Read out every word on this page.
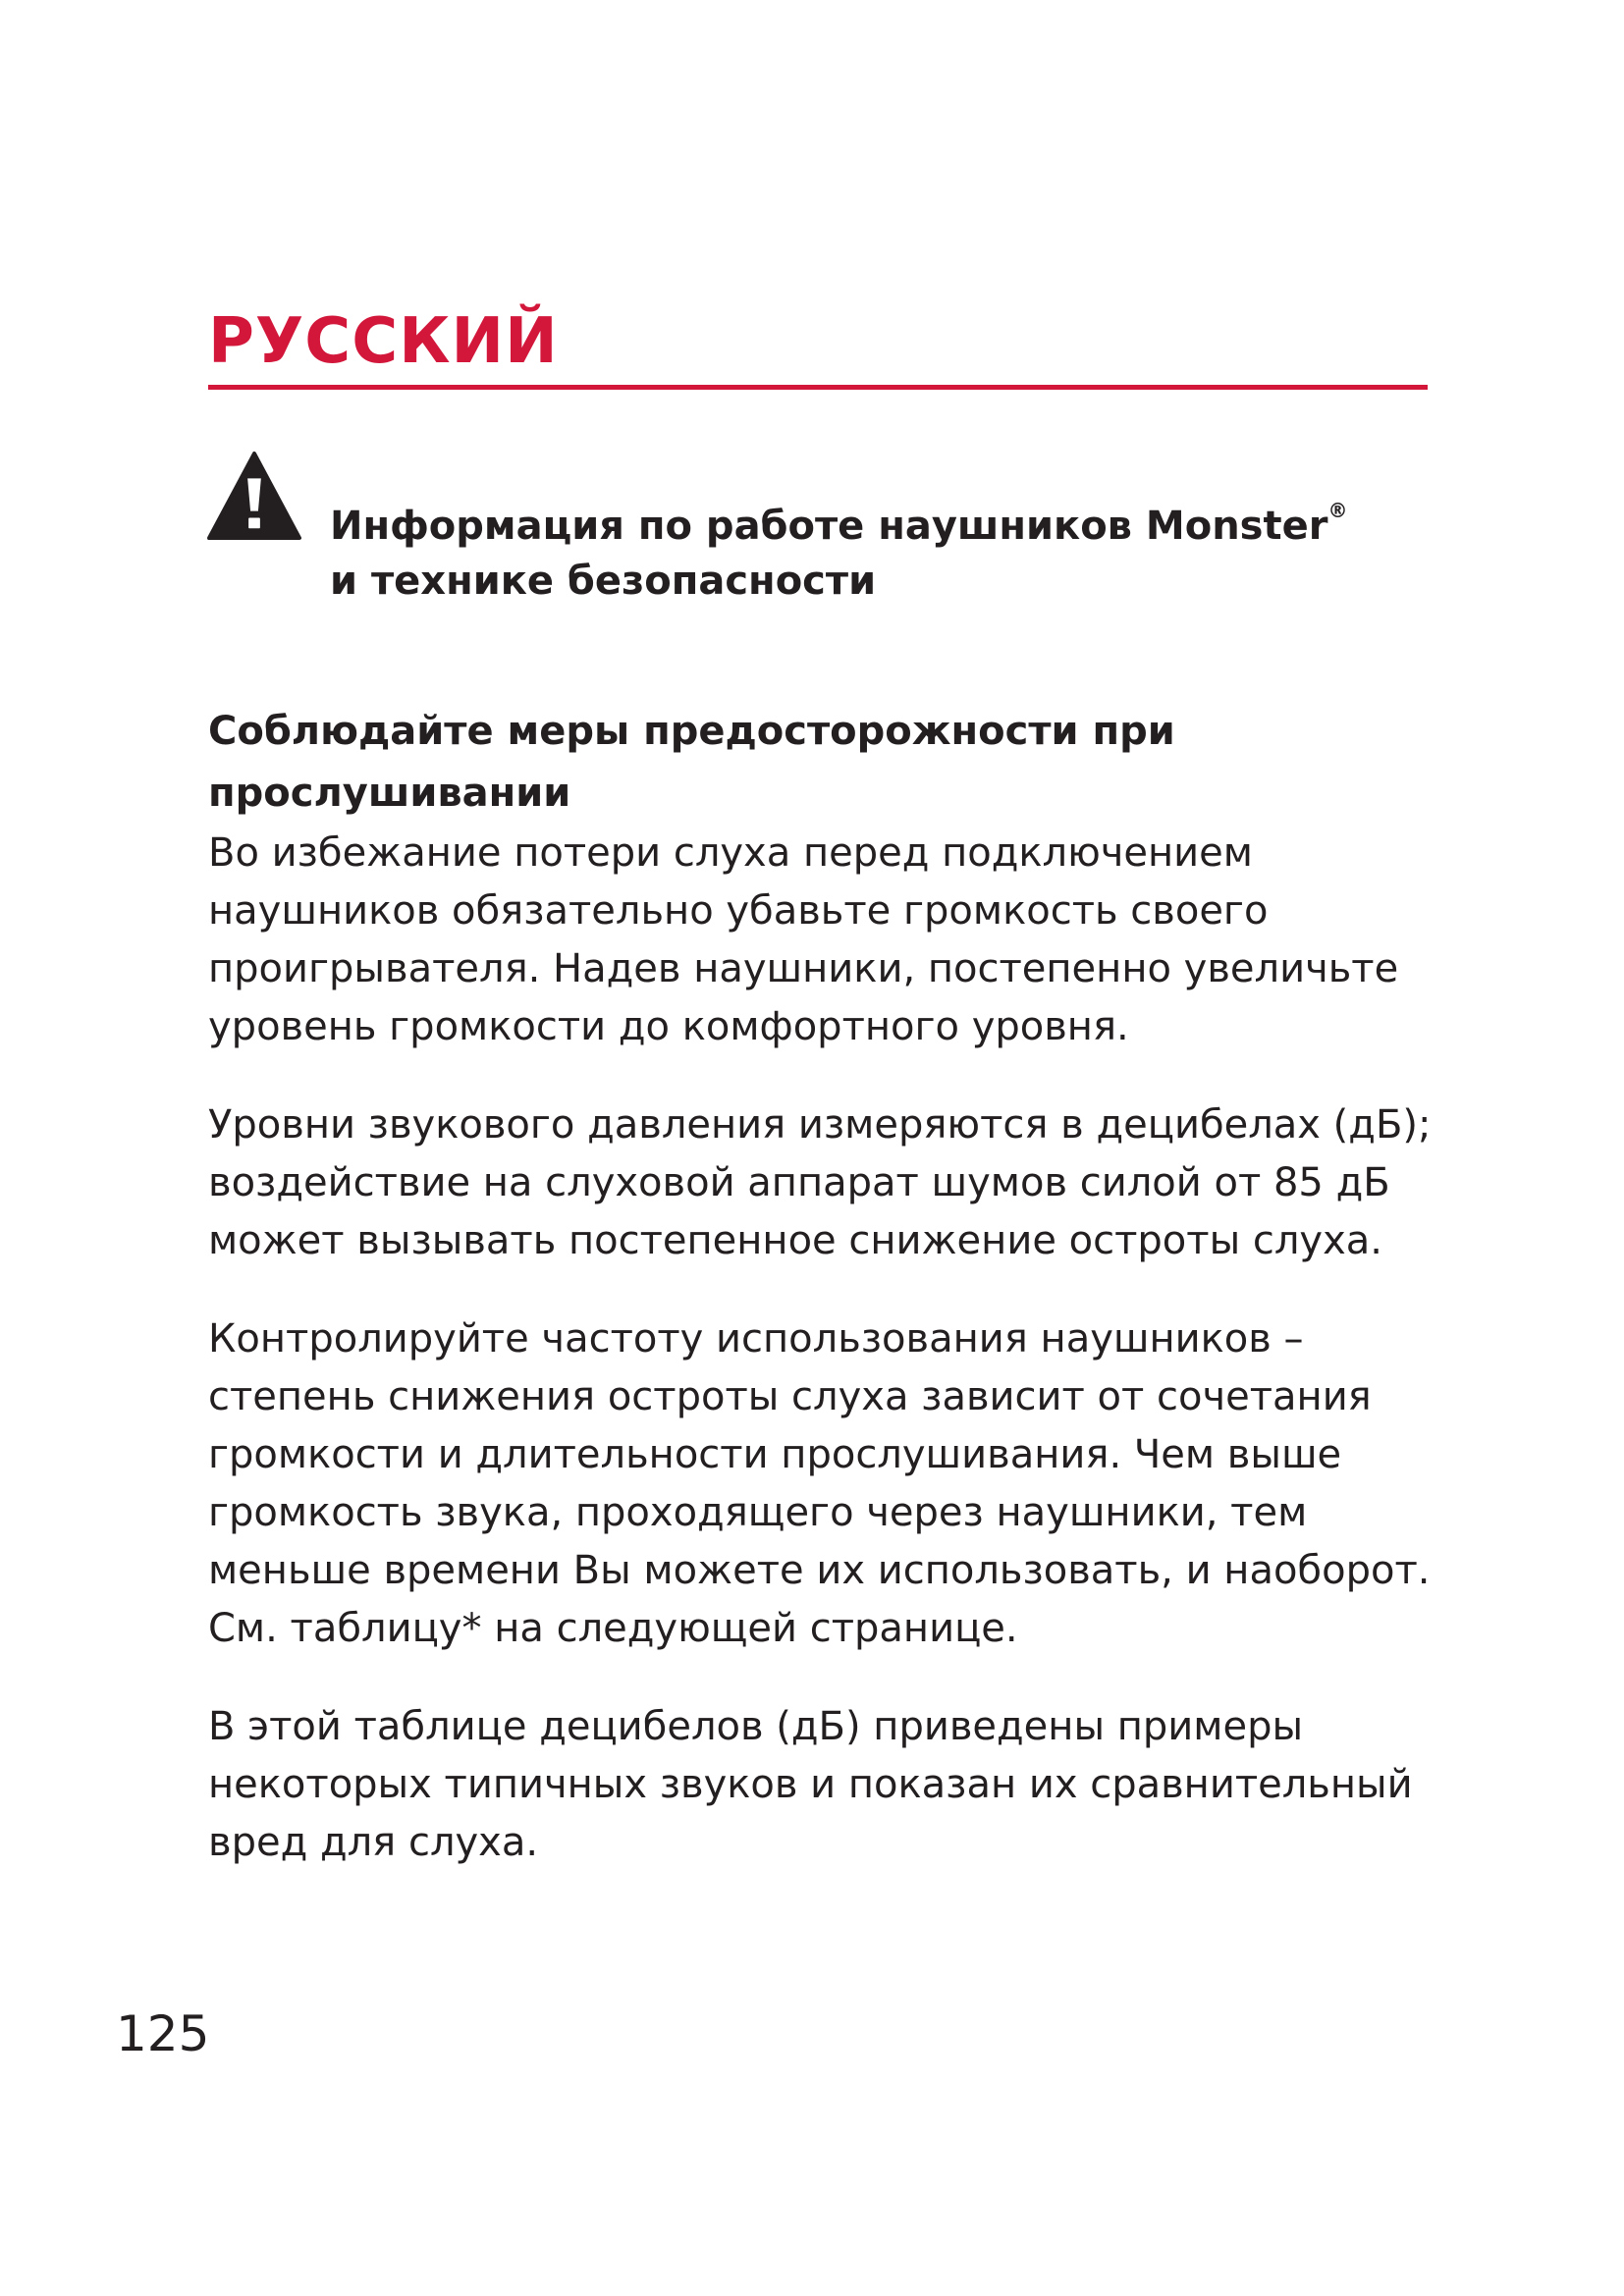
РУССКИЙ
Информация по работе наушников Monster®
и технике безопасности
Соблюдайте меры предосторожности при прослушивании

Во избежание потери слуха перед подключением наушников обязательно убавьте громкость своего проигрывателя. Надев наушники, постепенно увеличьте уровень громкости до комфортного уровня.

Уровни звукового давления измеряются в децибелах (дБ); воздействие на слуховой аппарат шумов силой от 85 дБ может вызывать постепенное снижение остроты слуха.

Контролируйте частоту использования наушников – степень снижения остроты слуха зависит от сочетания громкости и длительности прослушивания. Чем выше громкость звука, проходящего через наушники, тем меньше времени Вы можете их использовать, и наоборот. См. таблицу* на следующей странице.

В этой таблице децибелов (дБ) приведены примеры некоторых типичных звуков и показан их сравнительный вред для слуха.

125
